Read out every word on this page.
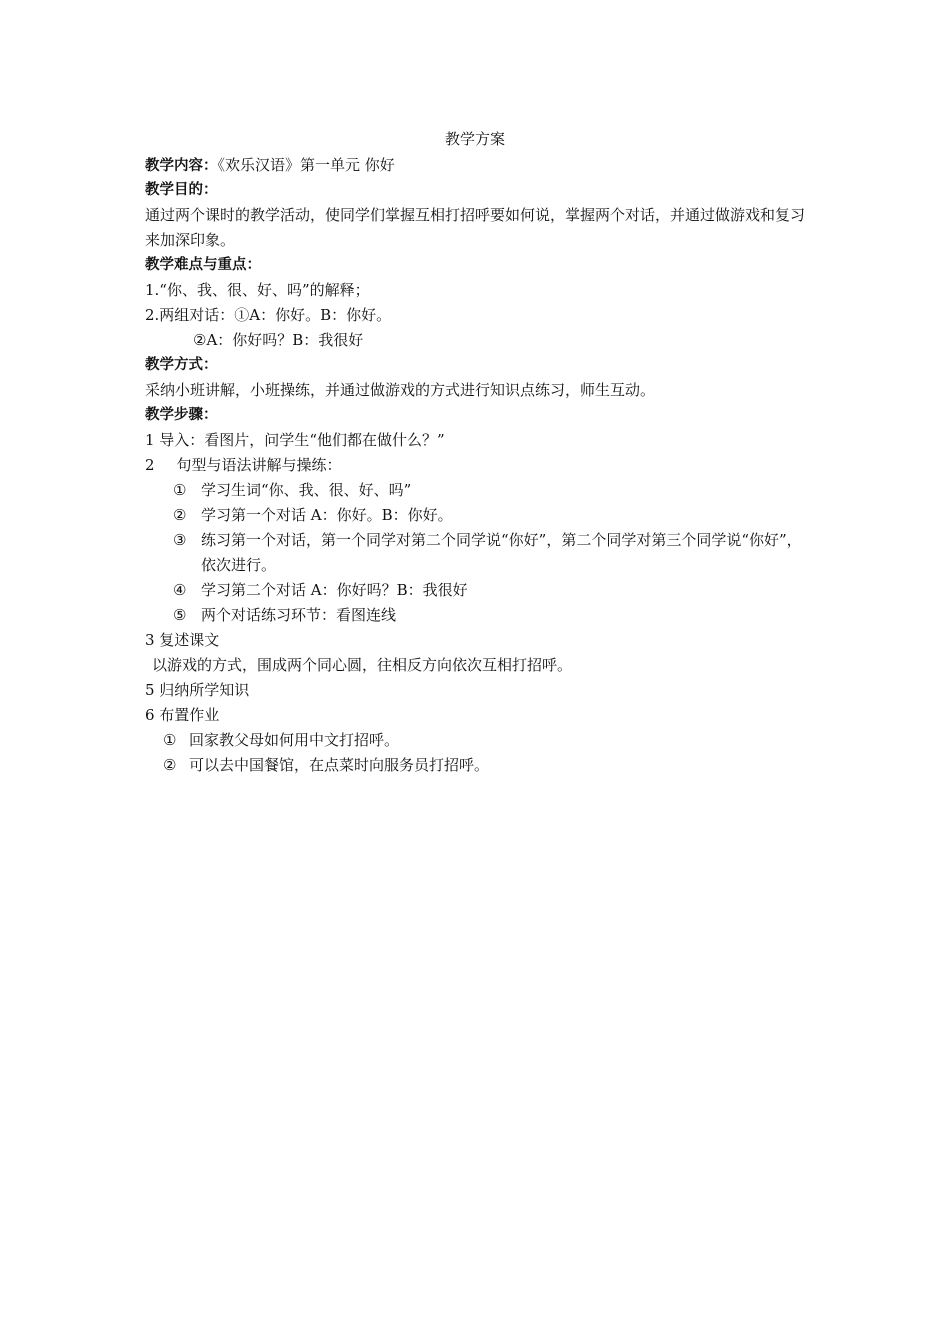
教学方案
教学内容：《欢乐汉语》第一单元 你好
教学目的：
通过两个课时的教学活动，使同学们掌握互相打招呼要如何说，掌握两个对话，并通过做游戏和复习来加深印象。
教学难点与重点：
1.“你、我、很、好、吗”的解释；
2.两组对话：①A：你好。B：你好。
②A：你好吗？B：我很好
教学方式：
采纳小班讲解，小班操练，并通过做游戏的方式进行知识点练习，师生互动。
教学步骤：
1 导入：看图片，问学生“他们都在做什么？”
2 句型与语法讲解与操练：
① 学习生词“你、我、很、好、吗”
② 学习第一个对话 A：你好。B：你好。
③ 练习第一个对话，第一个同学对第二个同学说“你好”，第二个同学对第三个同学说“你好”，依次进行。
④ 学习第二个对话 A：你好吗？B：我很好
⑤ 两个对话练习环节：看图连线
3 复述课文
以游戏的方式，围成两个同心圆，往相反方向依次互相打招呼。
5 归纳所学知识
6 布置作业
① 回家教父母如何用中文打招呼。
② 可以去中国餐馆，在点菜时向服务员打招呼。
